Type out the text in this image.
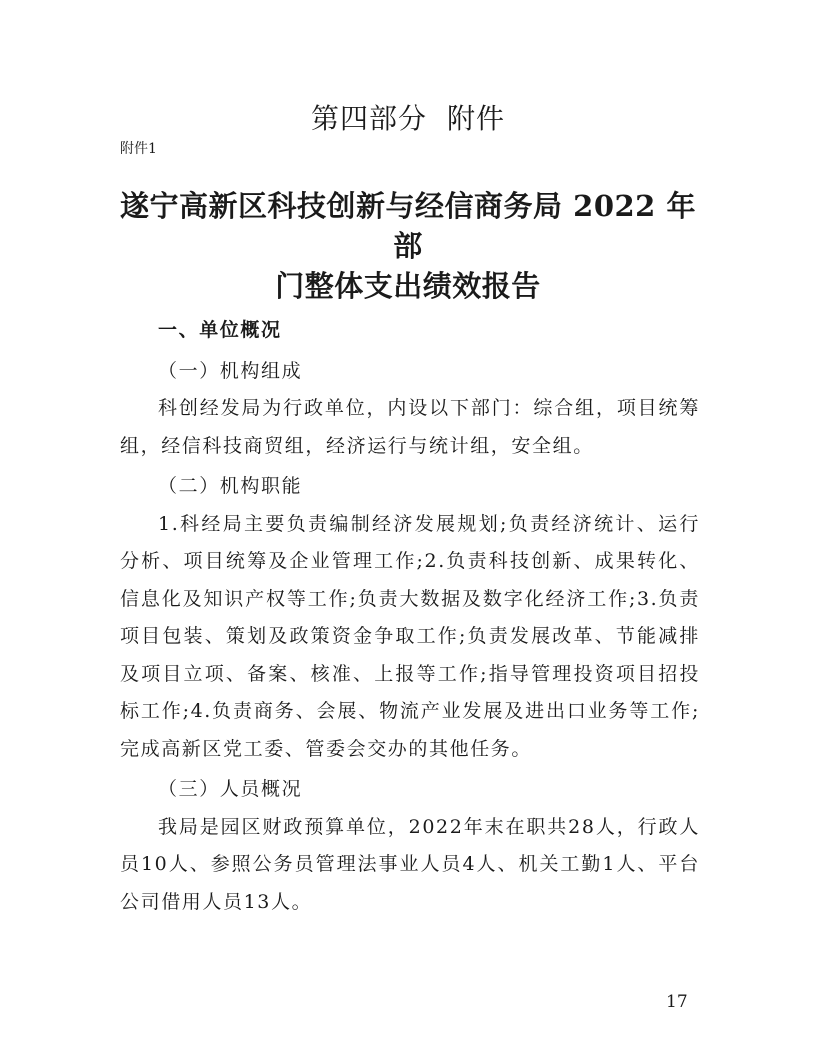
第四部分 附件
附件1
遂宁高新区科技创新与经信商务局 2022 年部
门整体支出绩效报告

一、单位概况

（一）机构组成

科创经发局为行政单位，内设以下部门：综合组，项目统筹组，经信科技商贸组，经济运行与统计组，安全组。

（二）机构职能

1.科经局主要负责编制经济发展规划;负责经济统计、运行分析、项目统筹及企业管理工作;2.负责科技创新、成果转化、信息化及知识产权等工作;负责大数据及数字化经济工作;3.负责项目包装、策划及政策资金争取工作;负责发展改革、节能减排及项目立项、备案、核准、上报等工作;指导管理投资项目招投标工作;4.负责商务、会展、物流产业发展及进出口业务等工作;完成高新区党工委、管委会交办的其他任务。

（三）人员概况

我局是园区财政预算单位，2022年末在职共28人，行政人员10人、参照公务员管理法事业人员4人、机关工勤1人、平台公司借用人员13人。

17
